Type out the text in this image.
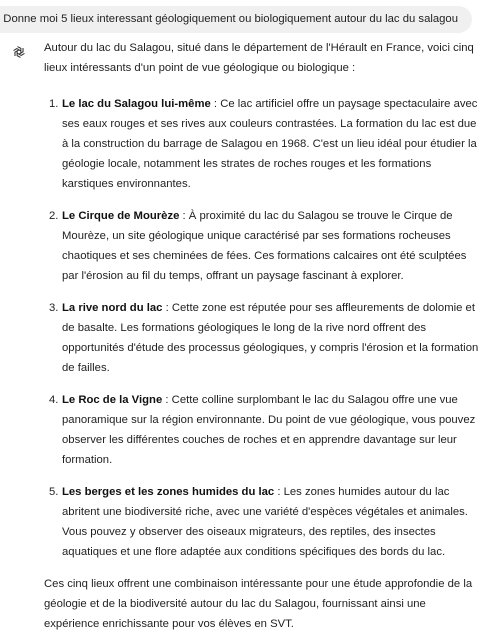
Donne moi 5 lieux interessant géologiquement ou biologiquement autour du lac du salagou

Autour du lac du Salagou, situé dans le département de l'Hérault en France, voici cinq lieux intéressants d'un point de vue géologique ou biologique :

1. Le lac du Salagou lui-même : Ce lac artificiel offre un paysage spectaculaire avec ses eaux rouges et ses rives aux couleurs contrastées. La formation du lac est due à la construction du barrage de Salagou en 1968. C'est un lieu idéal pour étudier la géologie locale, notamment les strates de roches rouges et les formations karstiques environnantes.
2. Le Cirque de Mourèze : À proximité du lac du Salagou se trouve le Cirque de Mourèze, un site géologique unique caractérisé par ses formations rocheuses chaotiques et ses cheminées de fées. Ces formations calcaires ont été sculptées par l'érosion au fil du temps, offrant un paysage fascinant à explorer.
3. La rive nord du lac : Cette zone est réputée pour ses affleurements de dolomie et de basalte. Les formations géologiques le long de la rive nord offrent des opportunités d'étude des processus géologiques, y compris l'érosion et la formation de failles.
4. Le Roc de la Vigne : Cette colline surplombant le lac du Salagou offre une vue panoramique sur la région environnante. Du point de vue géologique, vous pouvez observer les différentes couches de roches et en apprendre davantage sur leur formation.
5. Les berges et les zones humides du lac : Les zones humides autour du lac abritent une biodiversité riche, avec une variété d'espèces végétales et animales. Vous pouvez y observer des oiseaux migrateurs, des reptiles, des insectes aquatiques et une flore adaptée aux conditions spécifiques des bords du lac.

Ces cinq lieux offrent une combinaison intéressante pour une étude approfondie de la géologie et de la biodiversité autour du lac du Salagou, fournissant ainsi une expérience enrichissante pour vos élèves en SVT.
